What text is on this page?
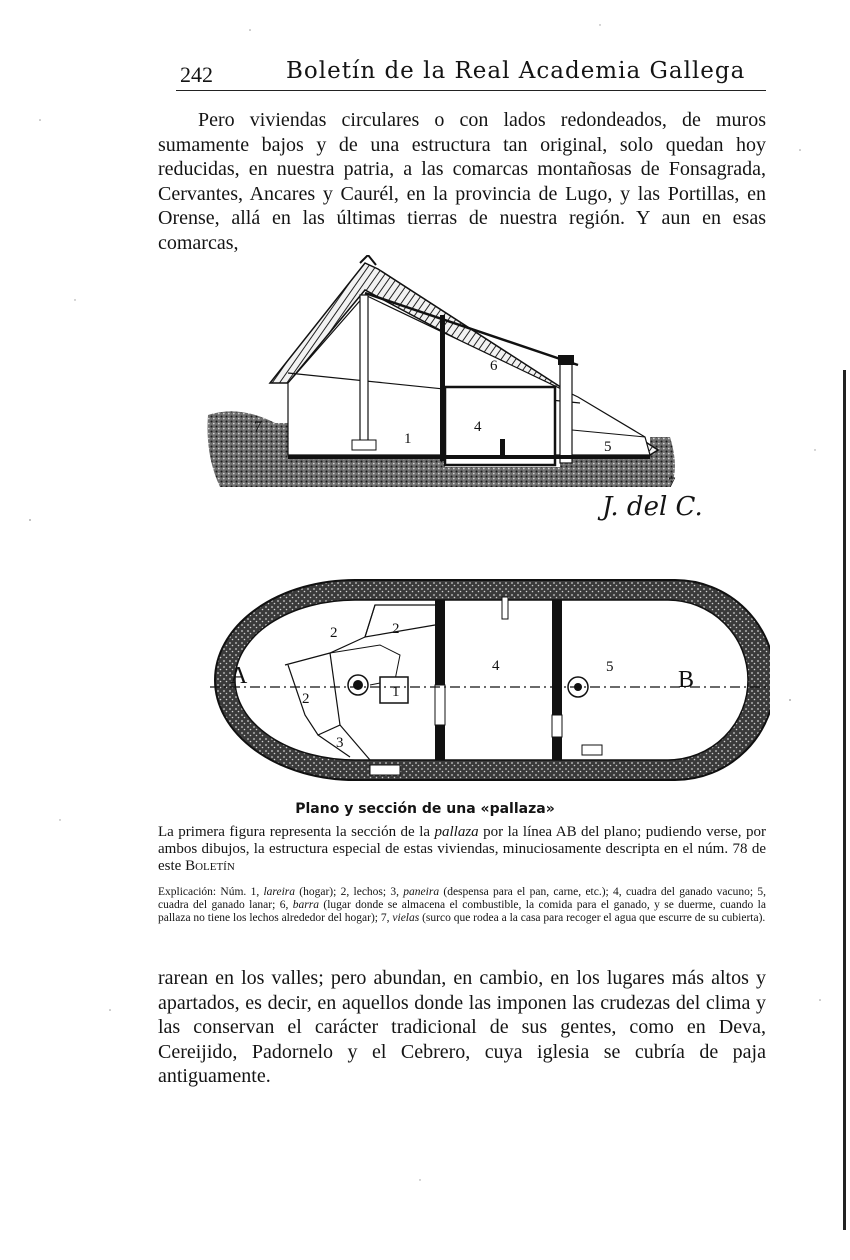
242	Boletín de la Real Academia Gallega

Pero viviendas circulares o con lados redondeados, de muros sumamente bajos y de una estructura tan original, solo quedan hoy reducidas, en nuestra patria, a las comarcas montañosas de Fonsagrada, Cervantes, Ancares y Caurél, en la provincia de Lugo, y las Portillas, en Orense, allá en las últimas tierras de nuestra región. Y aun en esas comarcas,

1
4
5
6
7
7
J. del C.
1
2	2
2
3
4	5
A	B
Plano y sección de una «pallaza»
La primera figura representa la sección de la pallaza por la línea AB del plano; pudiendo verse, por ambos dibujos, la estructura especial de estas viviendas, minuciosamente descripta en el núm. 78 de este Boletín
Explicación: Núm. 1, lareira (hogar); 2, lechos; 3, paneira (despensa para el pan, carne, etc.); 4, cuadra del ganado vacuno; 5, cuadra del ganado lanar; 6, barra (lugar donde se almacena el combustible, la comida para el ganado, y se duerme, cuando la pallaza no tiene los lechos alrededor del hogar); 7, vielas (surco que rodea a la casa para recoger el agua que escurre de su cubierta).

rarean en los valles; pero abundan, en cambio, en los lugares más altos y apartados, es decir, en aquellos donde las imponen las crudezas del clima y las conservan el carácter tradicional de sus gentes, como en Deva, Cereijido, Padornelo y el Cebrero, cuya iglesia se cubría de paja antiguamente.
